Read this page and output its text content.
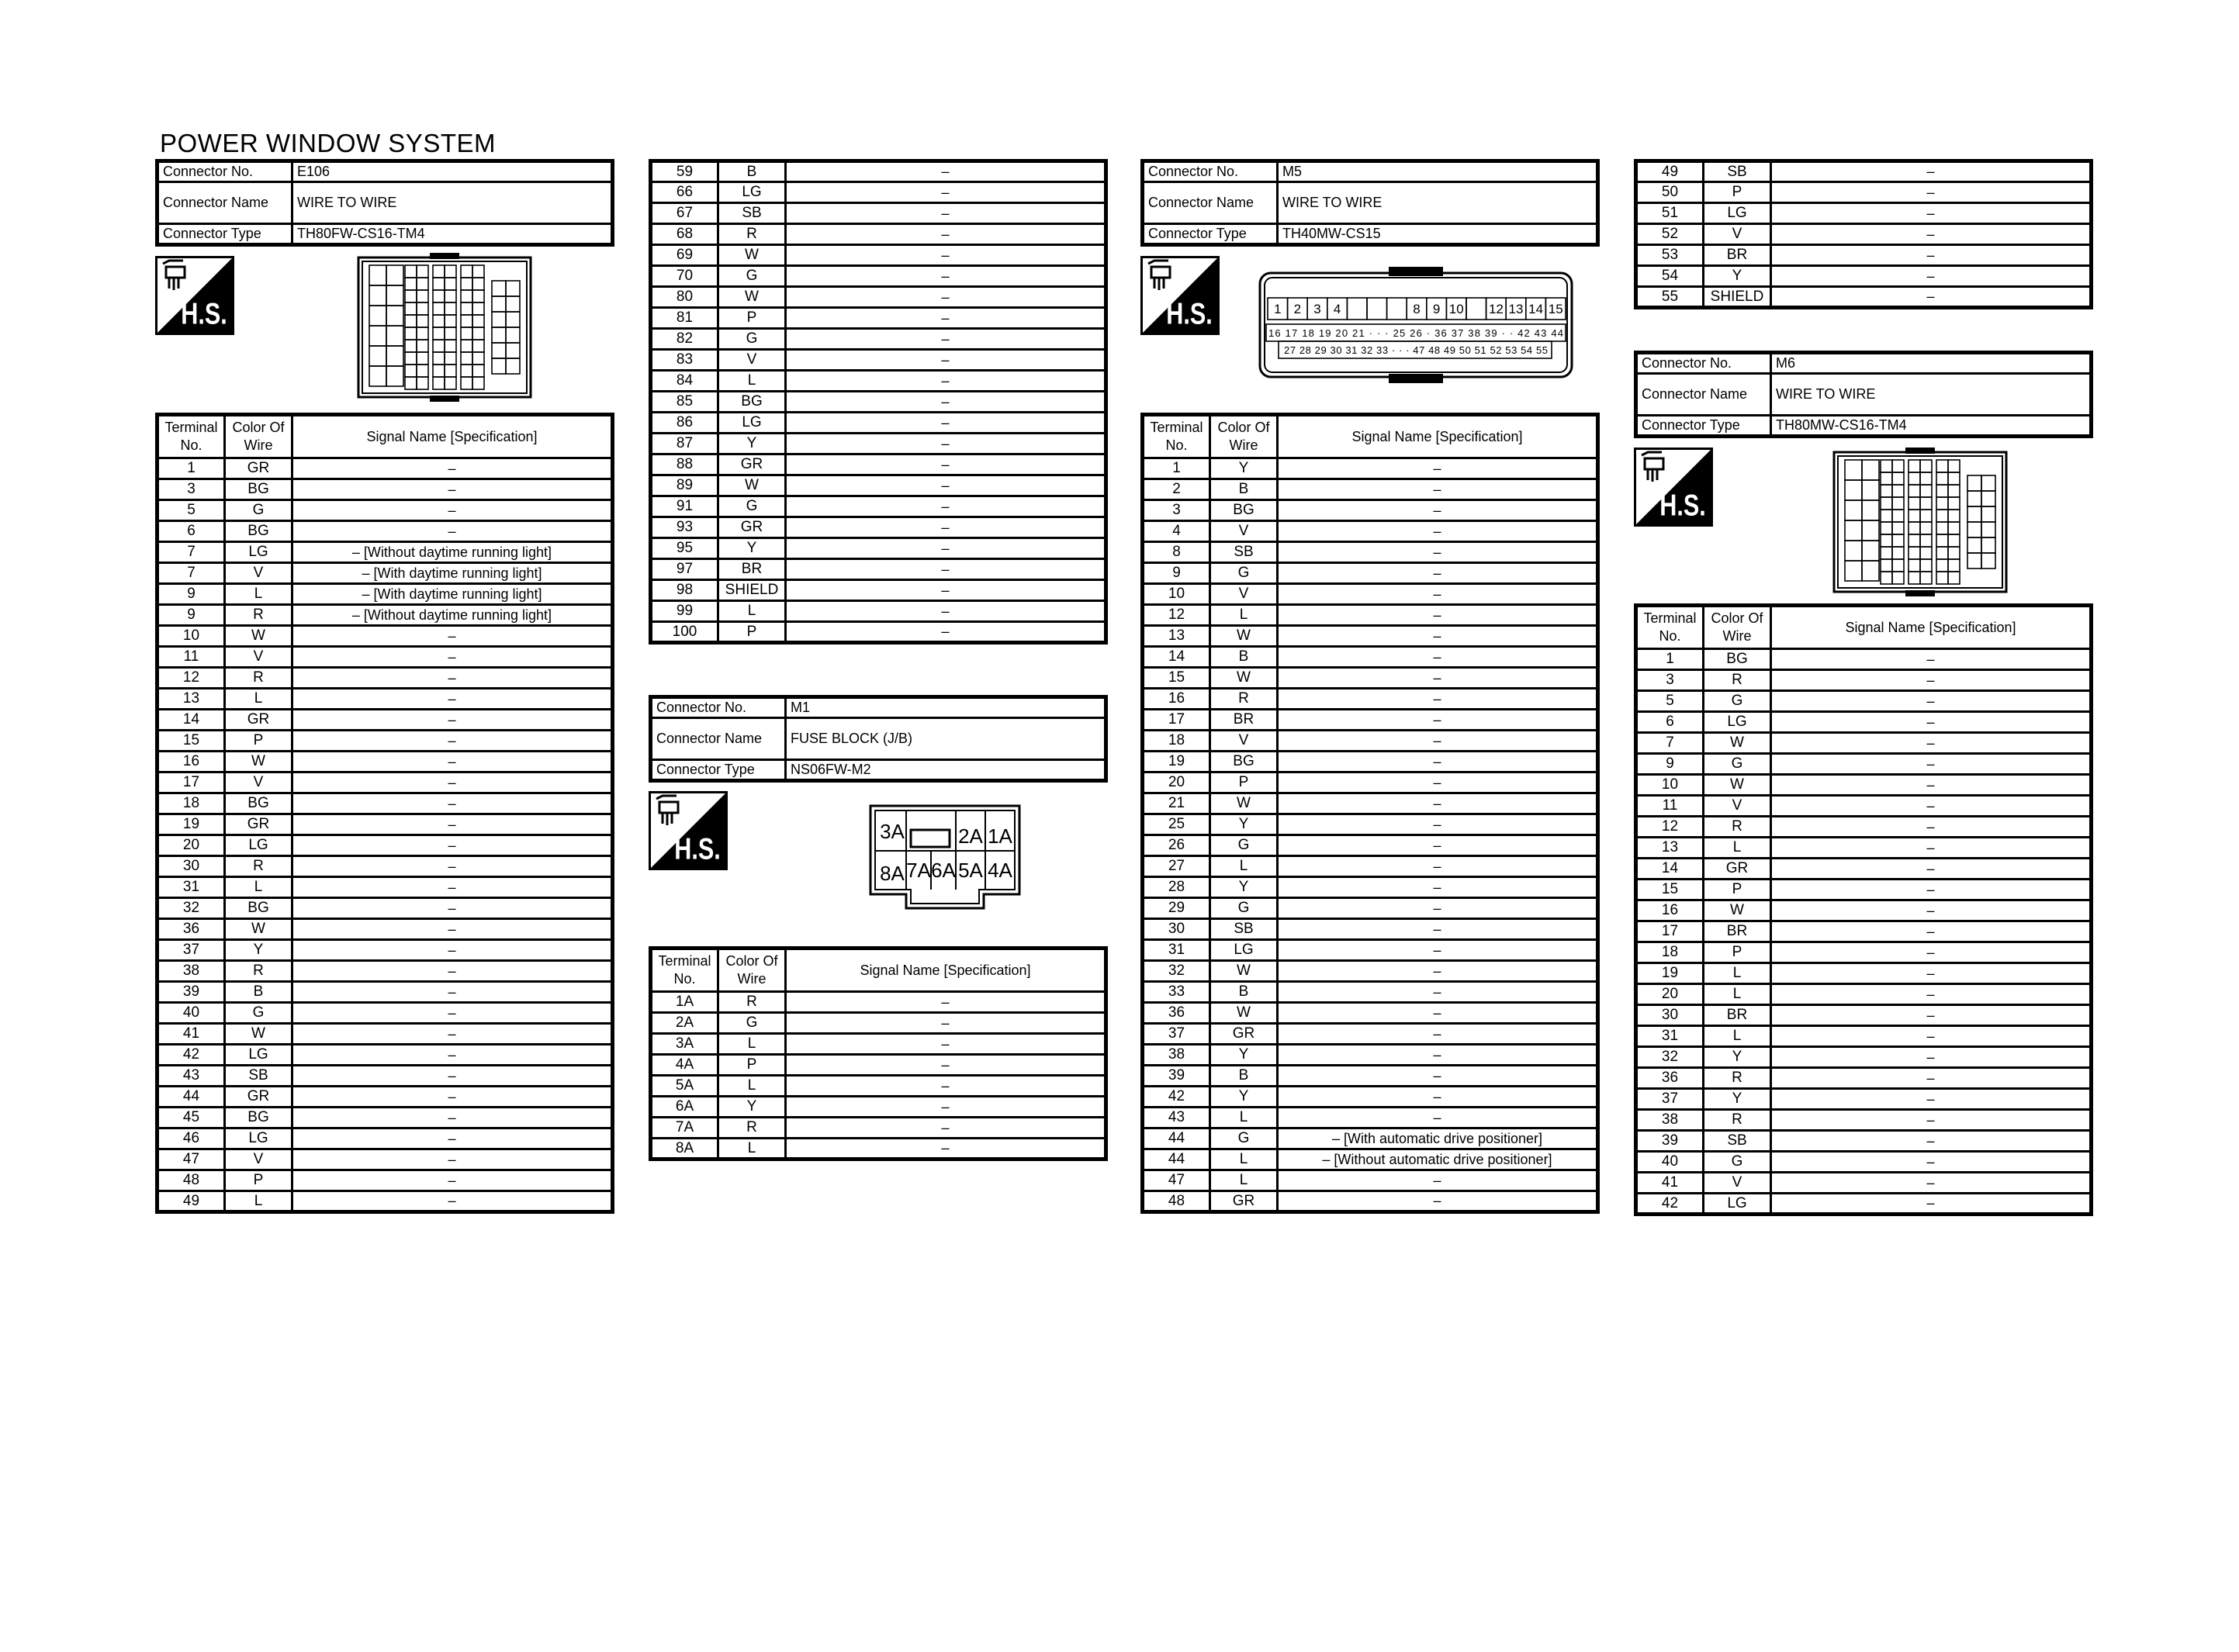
POWER WINDOW SYSTEM
Connector No.	E106
Connector Name	WIRE TO WIRE
Connector Type	TH80FW-CS16-TM4
H.S.
Terminal
No.	Color Of
Wire	Signal Name [Specification]
1	GR	–
3	BG	–
5	G	–
6	BG	–
7	LG	– [Without daytime running light]
7	V	– [With daytime running light]
9	L	– [With daytime running light]
9	R	– [Without daytime running light]
10	W	–
11	V	–
12	R	–
13	L	–
14	GR	–
15	P	–
16	W	–
17	V	–
18	BG	–
19	GR	–
20	LG	–
30	R	–
31	L	–
32	BG	–
36	W	–
37	Y	–
38	R	–
39	B	–
40	G	–
41	W	–
42	LG	–
43	SB	–
44	GR	–
45	BG	–
46	LG	–
47	V	–
48	P	–
49	L	–
59	B	–
66	LG	–
67	SB	–
68	R	–
69	W	–
70	G	–
80	W	–
81	P	–
82	G	–
83	V	–
84	L	–
85	BG	–
86	LG	–
87	Y	–
88	GR	–
89	W	–
91	G	–
93	GR	–
95	Y	–
97	BR	–
98	SHIELD	–
99	L	–
100	P	–
Connector No.	M1
Connector Name	FUSE BLOCK (J/B)
Connector Type	NS06FW-M2
H.S.
3A	2A 1A
8A 7A 6A 5A 4A
Terminal
No.	Color Of
Wire	Signal Name [Specification]
1A	R	–
2A	G	–
3A	L	–
4A	P	–
5A	L	–
6A	Y	–
7A	R	–
8A	L	–
Connector No.	M5
Connector Name	WIRE TO WIRE
Connector Type	TH40MW-CS15
H.S.	1 2 3 4	8 9 10 12 13 14 15
16 17 18 19 20 21 · · · 25 26 · 36 37 38 39 · · 42 43 44
27 28 29 30 31 32 33 · · · 47 48 49 50 51 52 53 54 55
Terminal
No.	Color Of
Wire	Signal Name [Specification]
1	Y	–
2	B	–
3	BG	–
4	V	–
8	SB	–
9	G	–
10	V	–
12	L	–
13	W	–
14	B	–
15	W	–
16	R	–
17	BR	–
18	V	–
19	BG	–
20	P	–
21	W	–
25	Y	–
26	G	–
27	L	–
28	Y	–
29	G	–
30	SB	–
31	LG	–
32	W	–
33	B	–
36	W	–
37	GR	–
38	Y	–
39	B	–
42	Y	–
43	L	–
44	G	– [With automatic drive positioner]
44	L	– [Without automatic drive positioner]
47	L	–
48	GR	–
49	SB	–
50	P	–
51	LG	–
52	V	–
53	BR	–
54	Y	–
55	SHIELD	–
Connector No.	M6
Connector Name	WIRE TO WIRE
Connector Type	TH80MW-CS16-TM4
H.S.
Terminal
No.	Color Of
Wire	Signal Name [Specification]
1	BG	–
3	R	–
5	G	–
6	LG	–
7	W	–
9	G	–
10	W	–
11	V	–
12	R	–
13	L	–
14	GR	–
15	P	–
16	W	–
17	BR	–
18	P	–
19	L	–
20	L	–
30	BR	–
31	L	–
32	Y	–
36	R	–
37	Y	–
38	R	–
39	SB	–
40	G	–
41	V	–
42	LG	–
